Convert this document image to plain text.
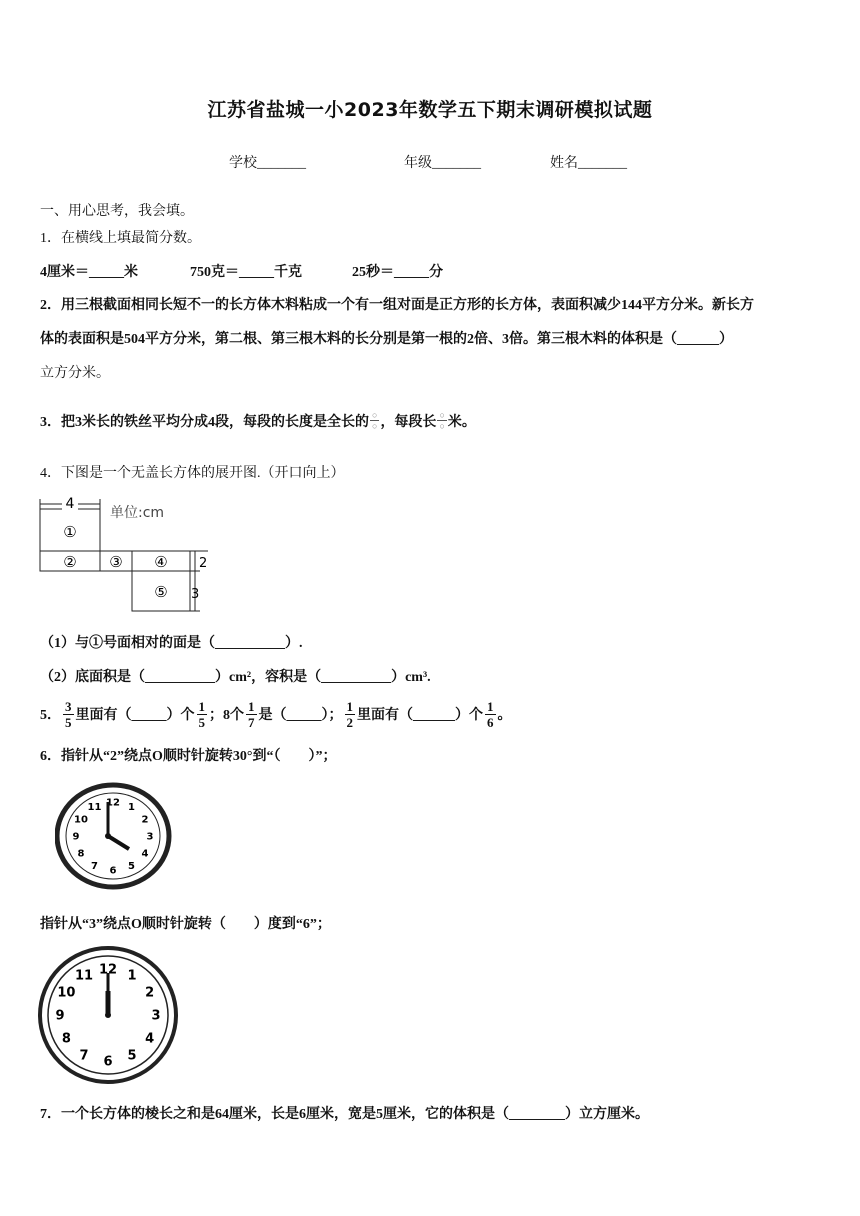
江苏省盐城一小2023年数学五下期末调研模拟试题
学校_______	年级_______	姓名_______
一、用心思考，我会填。
1．在横线上填最简分数。
4厘米＝_____米	750克＝_____千克	25秒＝_____分
2．用三根截面相同长短不一的长方体木料粘成一个有一组对面是正方形的长方体，表面积减少144平方分米。新长方
体的表面积是504平方分米，第二根、第三根木料的长分别是第一根的2倍、3倍。第三根木料的体积是（______）
立方分米。
3．把3米长的铁丝平均分成4段，每段的长度是全长的 ○
○ ，每段长 ○
○ 米。
4．下图是一个无盖长方体的展开图.（开口向上）
4
①
② ③ ④
⑤
2
3
单位:cm
（1）与①号面相对的面是（__________）.
（2）底面积是（__________）cm²，容积是（__________）cm³.
5． $\frac{3}{5}$ 里面有（_____）个 $\frac{1}{5}$ ；8个 $\frac{1}{7}$ 是（_____）； $\frac{1}{2}$ 里面有（______）个 $\frac{1}{6}$ 。
6．指针从“2”绕点O顺时针旋转30°到“（　　）”；
12 1
2
3
4
5
6
7
8
9
10
11
指针从“3”绕点O顺时针旋转（　　）度到“6”；
12 1
2
3
4
5
6
7
8
9
10
11
7．一个长方体的棱长之和是64厘米，长是6厘米，宽是5厘米，它的体积是（________）立方厘米。
